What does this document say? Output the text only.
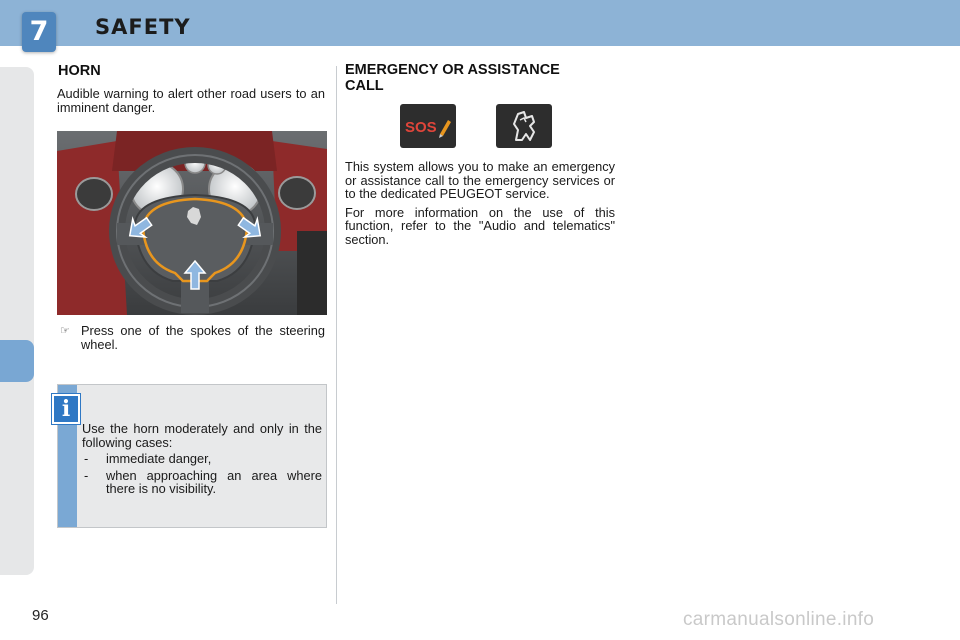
7	SAFETY
HORN
Audible warning to alert other road users to an imminent danger.
☞ Press one of the spokes of the steering wheel.
i
Use the horn moderately and only in the following cases:
- immediate danger,
- when approaching an area where there is no visibility.
EMERGENCY OR ASSISTANCE
CALL
SOS

This system allows you to make an emergency or assistance call to the emergency services or to the dedicated PEUGEOT service.

For more information on the use of this function, refer to the "Audio and telematics" section.

96	carmanualsonline.info
